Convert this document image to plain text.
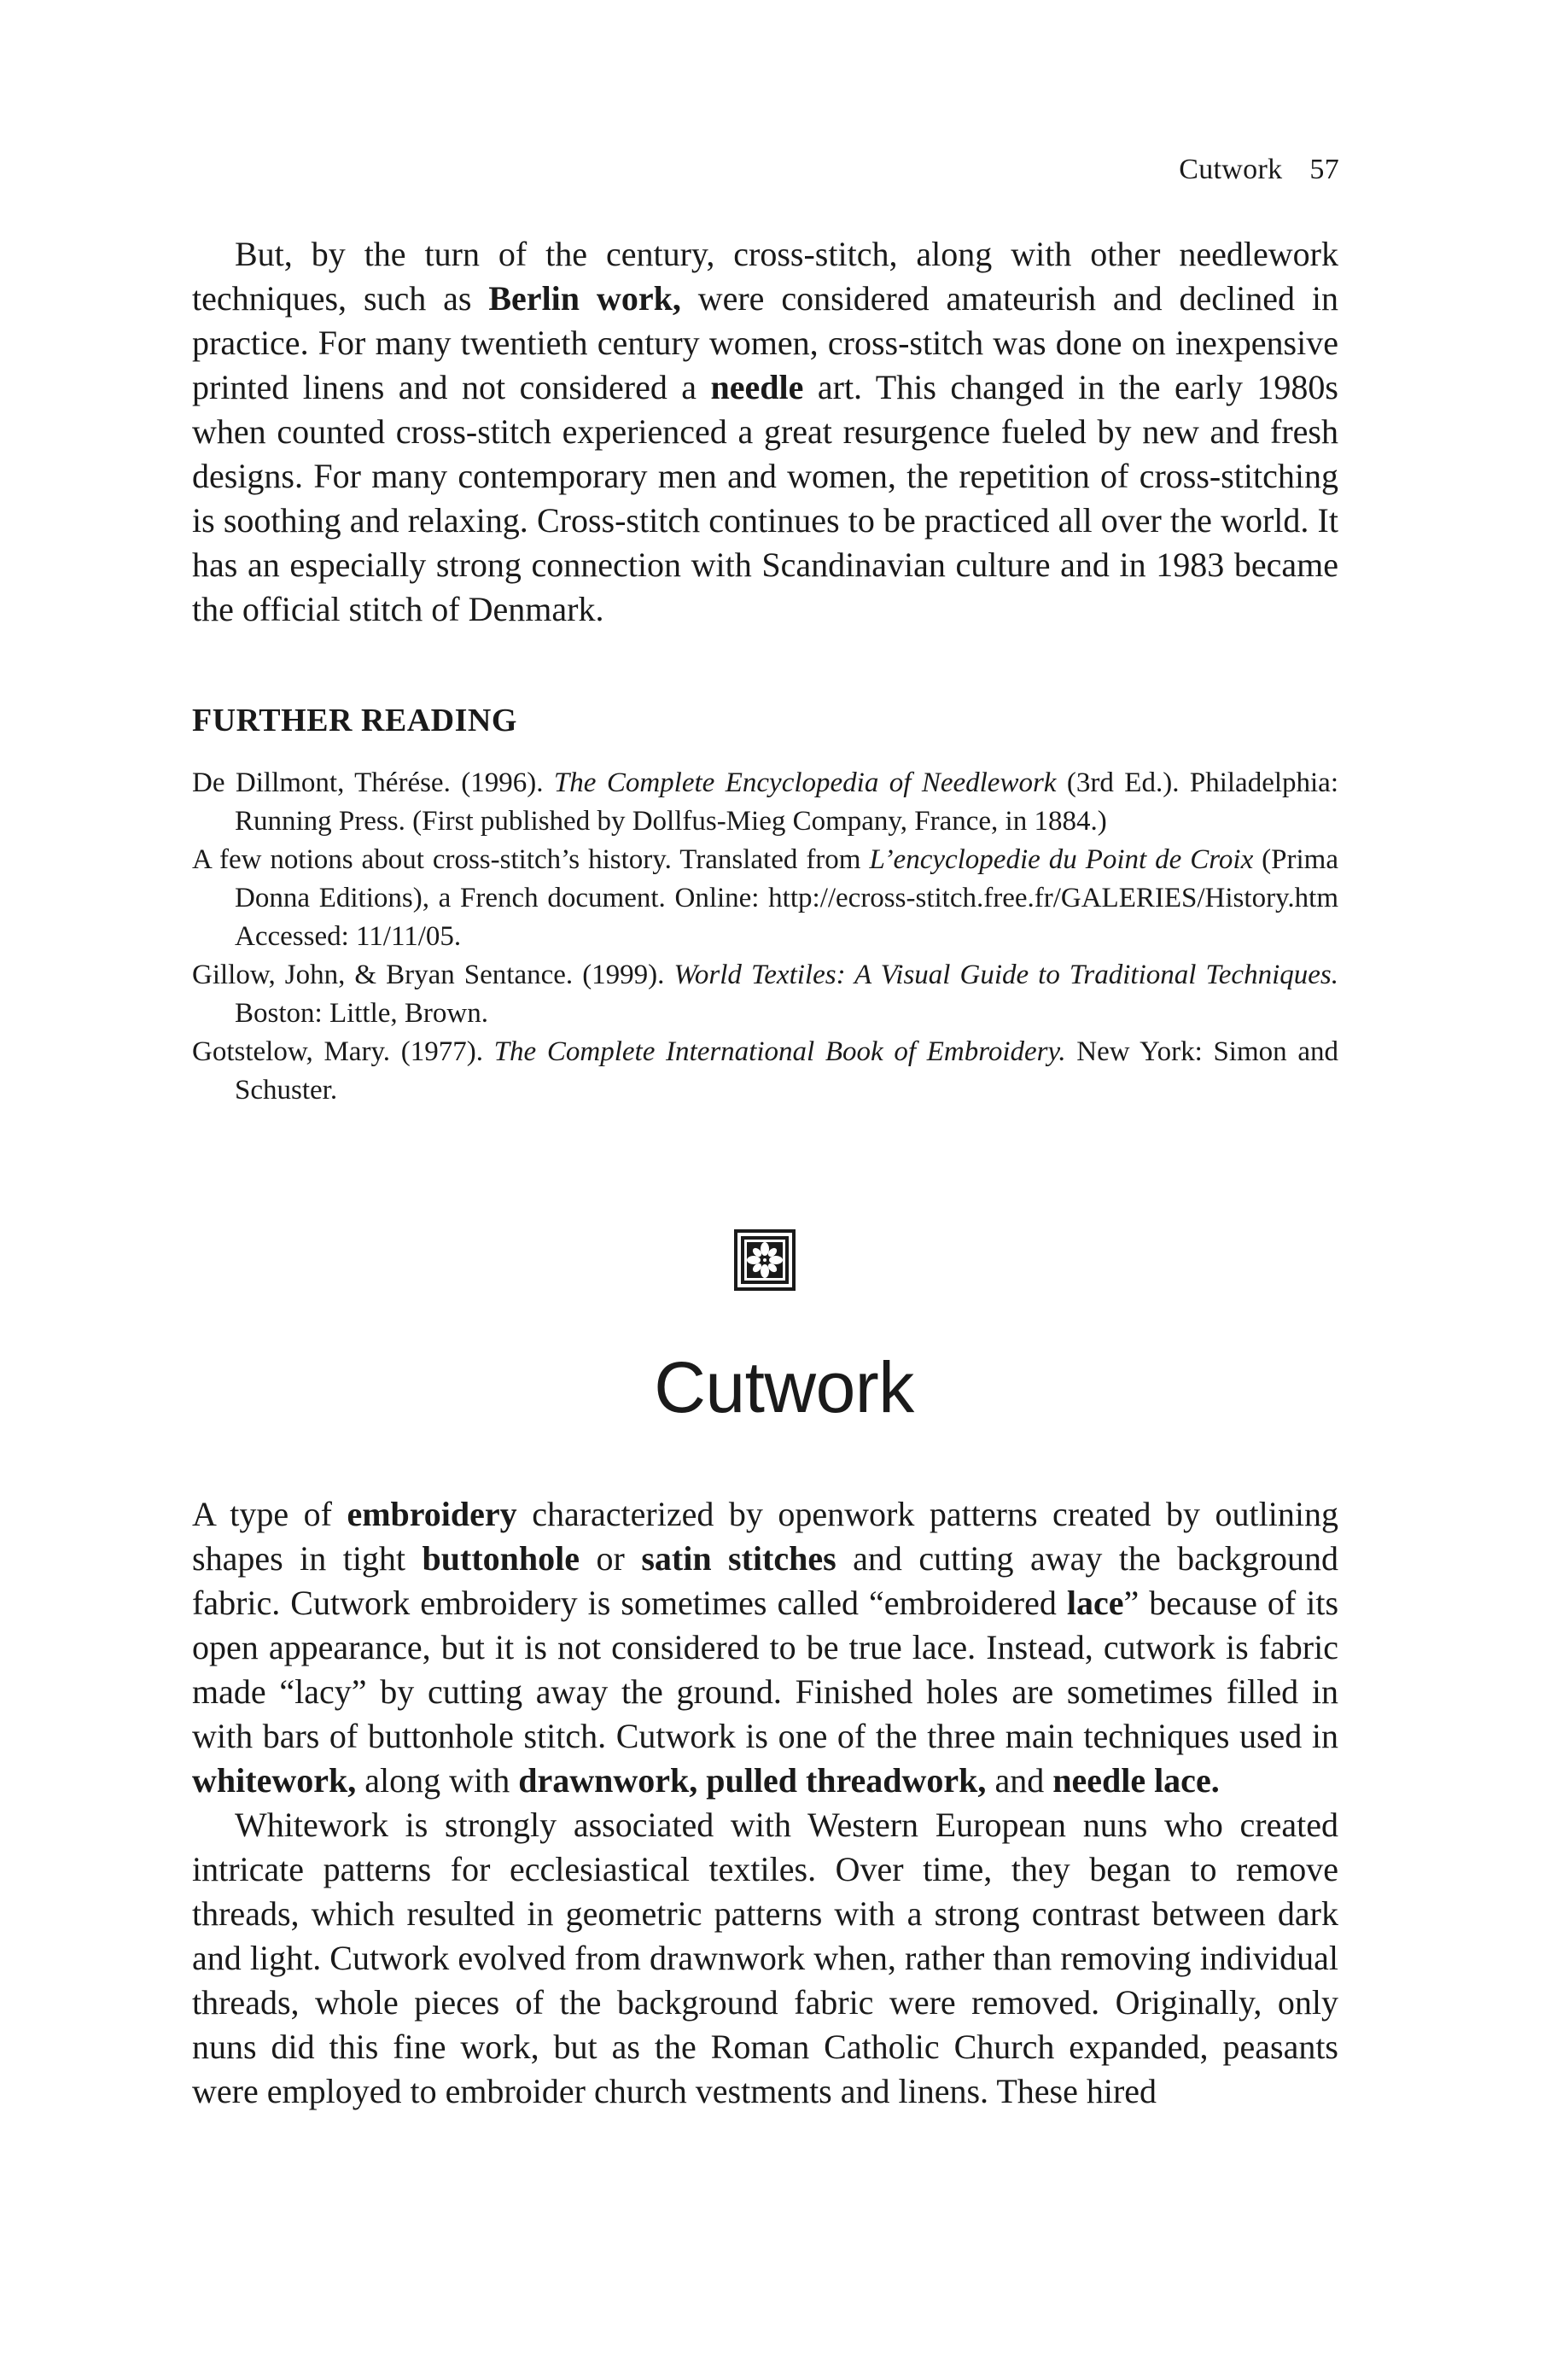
Cutwork 57

But, by the turn of the century, cross-stitch, along with other needlework techniques, such as Berlin work, were considered amateurish and declined in practice. For many twentieth century women, cross-stitch was done on inexpensive printed linens and not considered a needle art. This changed in the early 1980s when counted cross-stitch experienced a great resurgence fueled by new and fresh designs. For many contemporary men and women, the repetition of cross-stitching is soothing and relaxing. Cross-stitch continues to be practiced all over the world. It has an especially strong connection with Scandinavian culture and in 1983 became the official stitch of Denmark.

FURTHER READING

De Dillmont, Thérése. (1996). The Complete Encyclopedia of Needlework (3rd Ed.). Philadelphia: Running Press. (First published by Dollfus-Mieg Company, France, in 1884.)

A few notions about cross-stitch’s history. Translated from L’encyclopedie du Point de Croix (Prima Donna Editions), a French document. Online: http://ecross-stitch.free.fr/GALERIES/History.htm Accessed: 11/11/05.

Gillow, John, & Bryan Sentance. (1999). World Textiles: A Visual Guide to Traditional Techniques. Boston: Little, Brown.

Gotstelow, Mary. (1977). The Complete International Book of Embroidery. New York: Simon and Schuster.

Cutwork

A type of embroidery characterized by openwork patterns created by outlining shapes in tight buttonhole or satin stitches and cutting away the background fabric. Cutwork embroidery is sometimes called “embroidered lace” because of its open appearance, but it is not considered to be true lace. Instead, cutwork is fabric made “lacy” by cutting away the ground. Finished holes are sometimes filled in with bars of buttonhole stitch. Cutwork is one of the three main techniques used in whitework, along with drawnwork, pulled threadwork, and needle lace.

Whitework is strongly associated with Western European nuns who created intricate patterns for ecclesiastical textiles. Over time, they began to remove threads, which resulted in geometric patterns with a strong contrast between dark and light. Cutwork evolved from drawnwork when, rather than removing individual threads, whole pieces of the background fabric were removed. Originally, only nuns did this fine work, but as the Roman Catholic Church expanded, peasants were employed to embroider church vestments and linens. These hired
